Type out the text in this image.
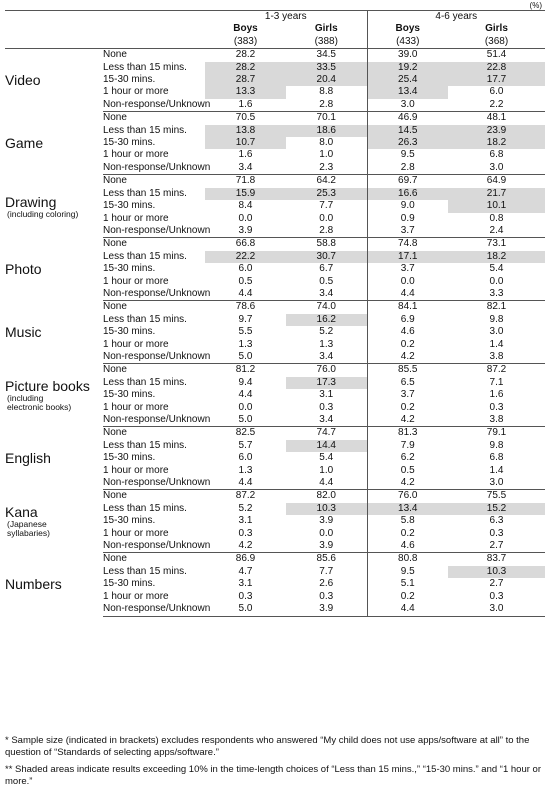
(%)
		1-3 years		4-6 years	
		Boys	Girls	Boys	Girls
		(383)	(388)	(433)	(368)

Video	None	28.2	34.5	39.0	51.4
	Less than 15 mins.	28.2	33.5	19.2	22.8
	15-30 mins.	28.7	20.4	25.4	17.7
	1 hour or more	13.3	8.8	13.4	6.0
	Non-response/Unknown	1.6	2.8	3.0	2.2

Game	None	70.5	70.1	46.9	48.1
	Less than 15 mins.	13.8	18.6	14.5	23.9
	15-30 mins.	10.7	8.0	26.3	18.2
	1 hour or more	1.6	1.0	9.5	6.8
	Non-response/Unknown	3.4	2.3	2.8	3.0

Drawing
(including coloring)	None	71.8	64.2	69.7	64.9
	Less than 15 mins.	15.9	25.3	16.6	21.7
	15-30 mins.	8.4	7.7	9.0	10.1
	1 hour or more	0.0	0.0	0.9	0.8
	Non-response/Unknown	3.9	2.8	3.7	2.4

Photo	None	66.8	58.8	74.8	73.1
	Less than 15 mins.	22.2	30.7	17.1	18.2
	15-30 mins.	6.0	6.7	3.7	5.4
	1 hour or more	0.5	0.5	0.0	0.0
	Non-response/Unknown	4.4	3.4	4.4	3.3

Music	None	78.6	74.0	84.1	82.1
	Less than 15 mins.	9.7	16.2	6.9	9.8
	15-30 mins.	5.5	5.2	4.6	3.0
	1 hour or more	1.3	1.3	0.2	1.4
	Non-response/Unknown	5.0	3.4	4.2	3.8

Picture books
(including
electronic books)	None	81.2	76.0	85.5	87.2
	Less than 15 mins.	9.4	17.3	6.5	7.1
	15-30 mins.	4.4	3.1	3.7	1.6
	1 hour or more	0.0	0.3	0.2	0.3
	Non-response/Unknown	5.0	3.4	4.2	3.8

English	None	82.5	74.7	81.3	79.1
	Less than 15 mins.	5.7	14.4	7.9	9.8
	15-30 mins.	6.0	5.4	6.2	6.8
	1 hour or more	1.3	1.0	0.5	1.4
	Non-response/Unknown	4.4	4.4	4.2	3.0

Kana
(Japanese
syllabaries)	None	87.2	82.0	76.0	75.5
	Less than 15 mins.	5.2	10.3	13.4	15.2
	15-30 mins.	3.1	3.9	5.8	6.3
	1 hour or more	0.3	0.0	0.2	0.3
	Non-response/Unknown	4.2	3.9	4.6	2.7

Numbers	None	86.9	85.6	80.8	83.7
	Less than 15 mins.	4.7	7.7	9.5	10.3
	15-30 mins.	3.1	2.6	5.1	2.7
	1 hour or more	0.3	0.3	0.2	0.3
	Non-response/Unknown	5.0	3.9	4.4	3.0

* Sample size (indicated in brackets) excludes respondents who answered “My child does not use apps/software at all” to the question of “Standards of selecting apps/software.”

** Shaded areas indicate results exceeding 10% in the time-length choices of “Less than 15 mins.,” “15-30 mins.” and “1 hour or more.”
